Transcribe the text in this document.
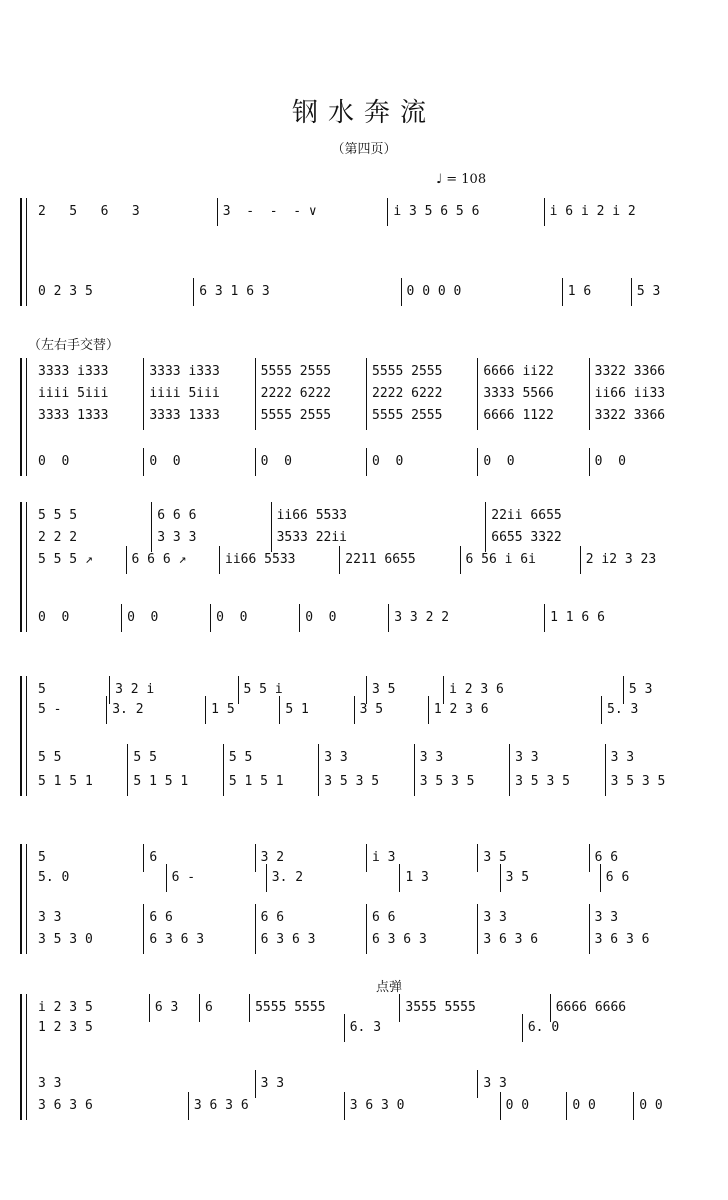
钢水奔流
（第四页）
♩ = 108
（左右手交替）
点弹
2   5   6   3	3  -  -  - ∨	i 3 5 6 5 6	i 6 i 2 i 2
0 2 3 5	6 3 1 6 3	0 0 0 0	1 6	5 3
3333 i333	3333 i333	5555 2555	5555 2555	6666 ii22	3322 3366
iiii 5iii	iiii 5iii	2222 6222	2222 6222	3333 5566	ii66 ii33
3333 1333	3333 1333	5555 2555	5555 2555	6666 1122	3322 3366
0  0	0  0	0  0	0  0	0  0	0  0
5 5 5	6 6 6	ii66 5533	22ii 6655
2 2 2	3 3 3	3533 22ii	6655 3322
5 5 5 ↗	6 6 6 ↗	ii66 5533	2211 6655	6 56 i 6i	2 i2 3 23
0  0	0  0	0  0	0  0	3 3 2 2	1 1 6 6
5	3 2 i	5 5 i	3 5	i 2 3 6	5 3
5 -	3. 2	1 5	5 1	3 5	1 2 3 6	5. 3
5 5	5 5	5 5	3 3	3 3	3 3	3 3
5 1 5 1	5 1 5 1	5 1 5 1	3 5 3 5	3 5 3 5	3 5 3 5	3 5 3 5
5	6	3 2	i 3	3 5	6 6
5. 0	6 -	3. 2	1 3	3 5	6 6
3 3	6 6	6 6	6 6	3 3	3 3
3 5 3 0	6 3 6 3	6 3 6 3	6 3 6 3	3 6 3 6	3 6 3 6
i 2 3 5	6 3	6	5555 5555	3555 5555	6666 6666
1 2 3 5	6. 3	6. 0
3 3	3 3	3 3
3 6 3 6	3 6 3 6	3 6 3 0	0 0	0 0	0 0
